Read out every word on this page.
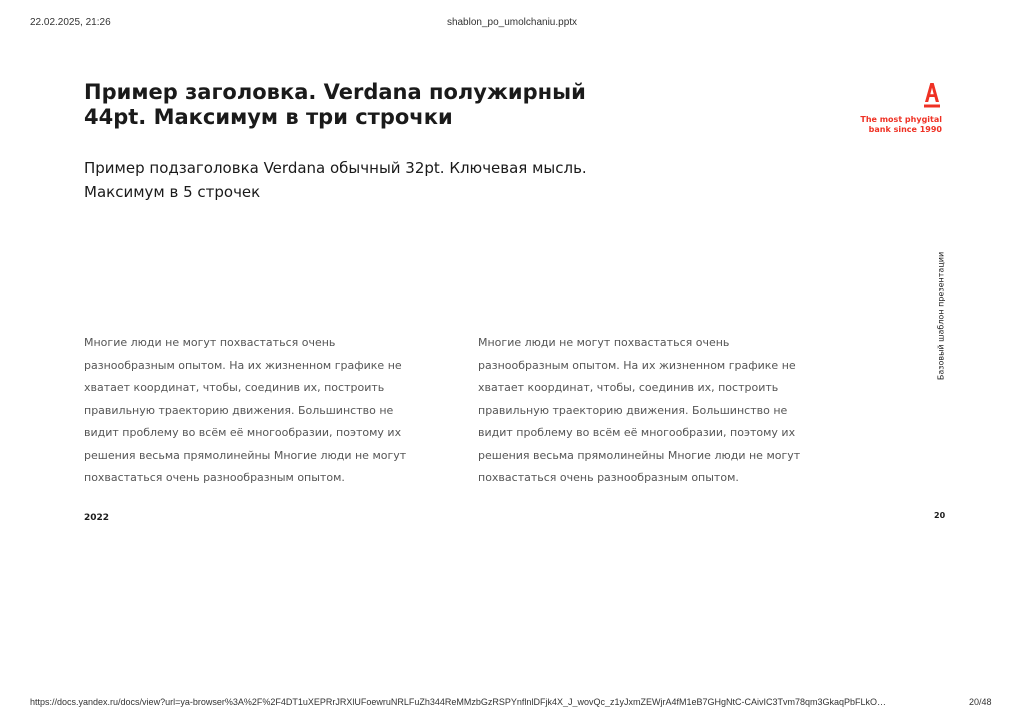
22.02.2025, 21:26	shablon_po_umolchaniu.pptx
Пример заголовка. Verdana полужирный
44pt. Максимум в три строчки
Пример подзаголовка Verdana обычный 32pt. Ключевая мысль.
Максимум в 5 строчек
Многие люди не могут похвастаться очень
разнообразным опытом. На их жизненном графике не
хватает координат, чтобы, соединив их, построить
правильную траекторию движения. Большинство не
видит проблему во всём её многообразии, поэтому их
решения весьма прямолинейны Многие люди не могут
похвастаться очень разнообразным опытом.
Многие люди не могут похвастаться очень
разнообразным опытом. На их жизненном графике не
хватает координат, чтобы, соединив их, построить
правильную траекторию движения. Большинство не
видит проблему во всём её многообразии, поэтому их
решения весьма прямолинейны Многие люди не могут
похвастаться очень разнообразным опытом.
2022	20
The most phygital
bank since 1990
Базовый шаблон презентации
https://docs.yandex.ru/docs/view?url=ya-browser%3A%2F%2F4DT1uXEPRrJRXlUFoewruNRLFuZh344ReMMzbGzRSPYnflnlDFjk4X_J_wovQc_z1yJxmZEWjrA4fM1eB7GHgNtC-CAivIC3Tvm78qm3GkaqPbFLkO…	20/48
